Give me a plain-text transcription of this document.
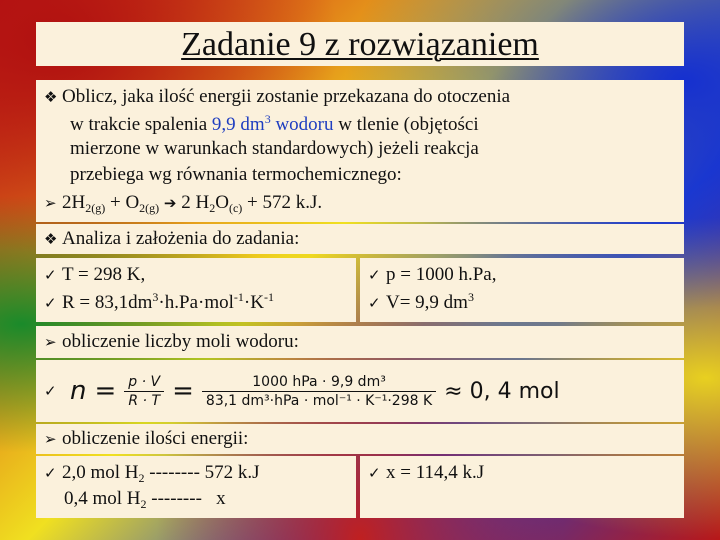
Zadanie 9 z rozwiązaniem
❖ Oblicz, jaka ilość energii zostanie przekazana do otoczenia
w trakcie spalenia 9,9 $dm^3$ wodoru w tlenie (objętości
mierzone w warunkach standardowych) jeżeli reakcja
przebiega wg równania termochemicznego:
➢ $2H_{2(g)} + O_{2(g)}$ ➔ 2 $H_2O_{(c)} + 572$ k.J.
❖ Analiza i założenia do zadania:
✓ T = 298 K,
✓ $R = 83,1dm^3\cdot h.Pa\cdot mol^{-1}\cdot K^{-1}$
✓ p = 1000 h.Pa,
✓ V= 9,9 $dm^3$
➢ obliczenie liczby moli wodoru:
✓ $n = \frac{p \cdot V}{R \cdot T} = \frac{\text{1000 hPa · 9,9 dm³}}{\text{83,1 dm³·hPa · mol⁻¹ · K⁻¹·298 K}} \approx 0$, 4 mol
➢ obliczenie ilości energii:
✓ 2,0 mol $H_2$ -------- 572 k.J
0,4 mol $H_2$ --------   x
✓ x = 114,4 k.J
